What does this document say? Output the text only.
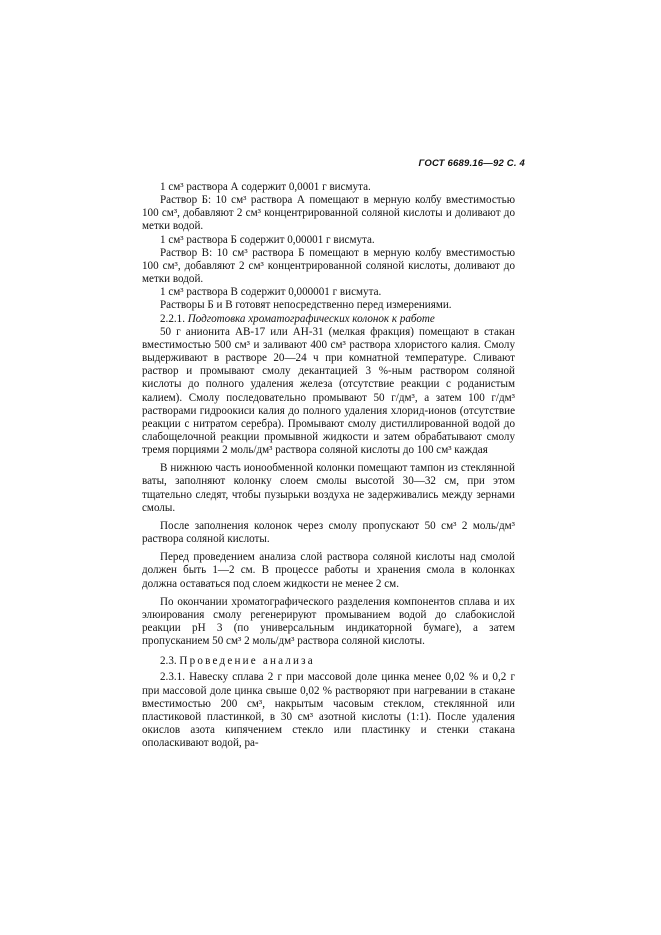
ГОСТ 6689.16—92 С. 4

1 см³ раствора А содержит 0,0001 г висмута.

Раствор Б: 10 см³ раствора А помещают в мерную колбу вместимостью 100 см³, добавляют 2 см³ концентрированной соляной кислоты и доливают до метки водой.

1 см³ раствора Б содержит 0,00001 г висмута.

Раствор В: 10 см³ раствора Б помещают в мерную колбу вместимостью 100 см³, добавляют 2 см³ концентрированной соляной кислоты, доливают до метки водой.

1 см³ раствора В содержит 0,000001 г висмута.

Растворы Б и В готовят непосредственно перед измерениями.

2.2.1. Подготовка хроматографических колонок к работе

50 г анионита АВ-17 или АН-31 (мелкая фракция) помещают в стакан вместимостью 500 см³ и заливают 400 см³ раствора хлористого калия. Смолу выдерживают в растворе 20—24 ч при комнатной температуре. Сливают раствор и промывают смолу декантацией 3 %-ным раствором соляной кислоты до полного удаления железа (отсутствие реакции с роданистым калием). Смолу последовательно промывают 50 г/дм³, а затем 100 г/дм³ растворами гидроокиси калия до полного удаления хлорид-ионов (отсутствие реакции с нитратом серебра). Промывают смолу дистиллированной водой до слабощелочной реакции промывной жидкости и затем обрабатывают смолу тремя порциями 2 моль/дм³ раствора соляной кислоты до 100 см³ каждая

В нижнюю часть ионообменной колонки помещают тампон из стеклянной ваты, заполняют колонку слоем смолы высотой 30—32 см, при этом тщательно следят, чтобы пузырьки воздуха не задерживались между зернами смолы.

После заполнения колонок через смолу пропускают 50 см³ 2 моль/дм³ раствора соляной кислоты.

Перед проведением анализа слой раствора соляной кислоты над смолой должен быть 1—2 см. В процессе работы и хранения смола в колонках должна оставаться под слоем жидкости не менее 2 см.

По окончании хроматографического разделения компонентов сплава и их элюирования смолу регенерируют промыванием водой до слабокислой реакции pH 3 (по универсальным индикаторной бумаге), а затем пропусканием 50 см³ 2 моль/дм³ раствора соляной кислоты.

2.3. Проведение анализа

2.3.1. Навеску сплава 2 г при массовой доле цинка менее 0,02 % и 0,2 г при массовой доле цинка свыше 0,02 % растворяют при нагревании в стакане вместимостью 200 см³, накрытым часовым стеклом, стеклянной или пластиковой пластинкой, в 30 см³ азотной кислоты (1:1). После удаления окислов азота кипячением стекло или пластинку и стенки стакана ополаскивают водой, ра-
